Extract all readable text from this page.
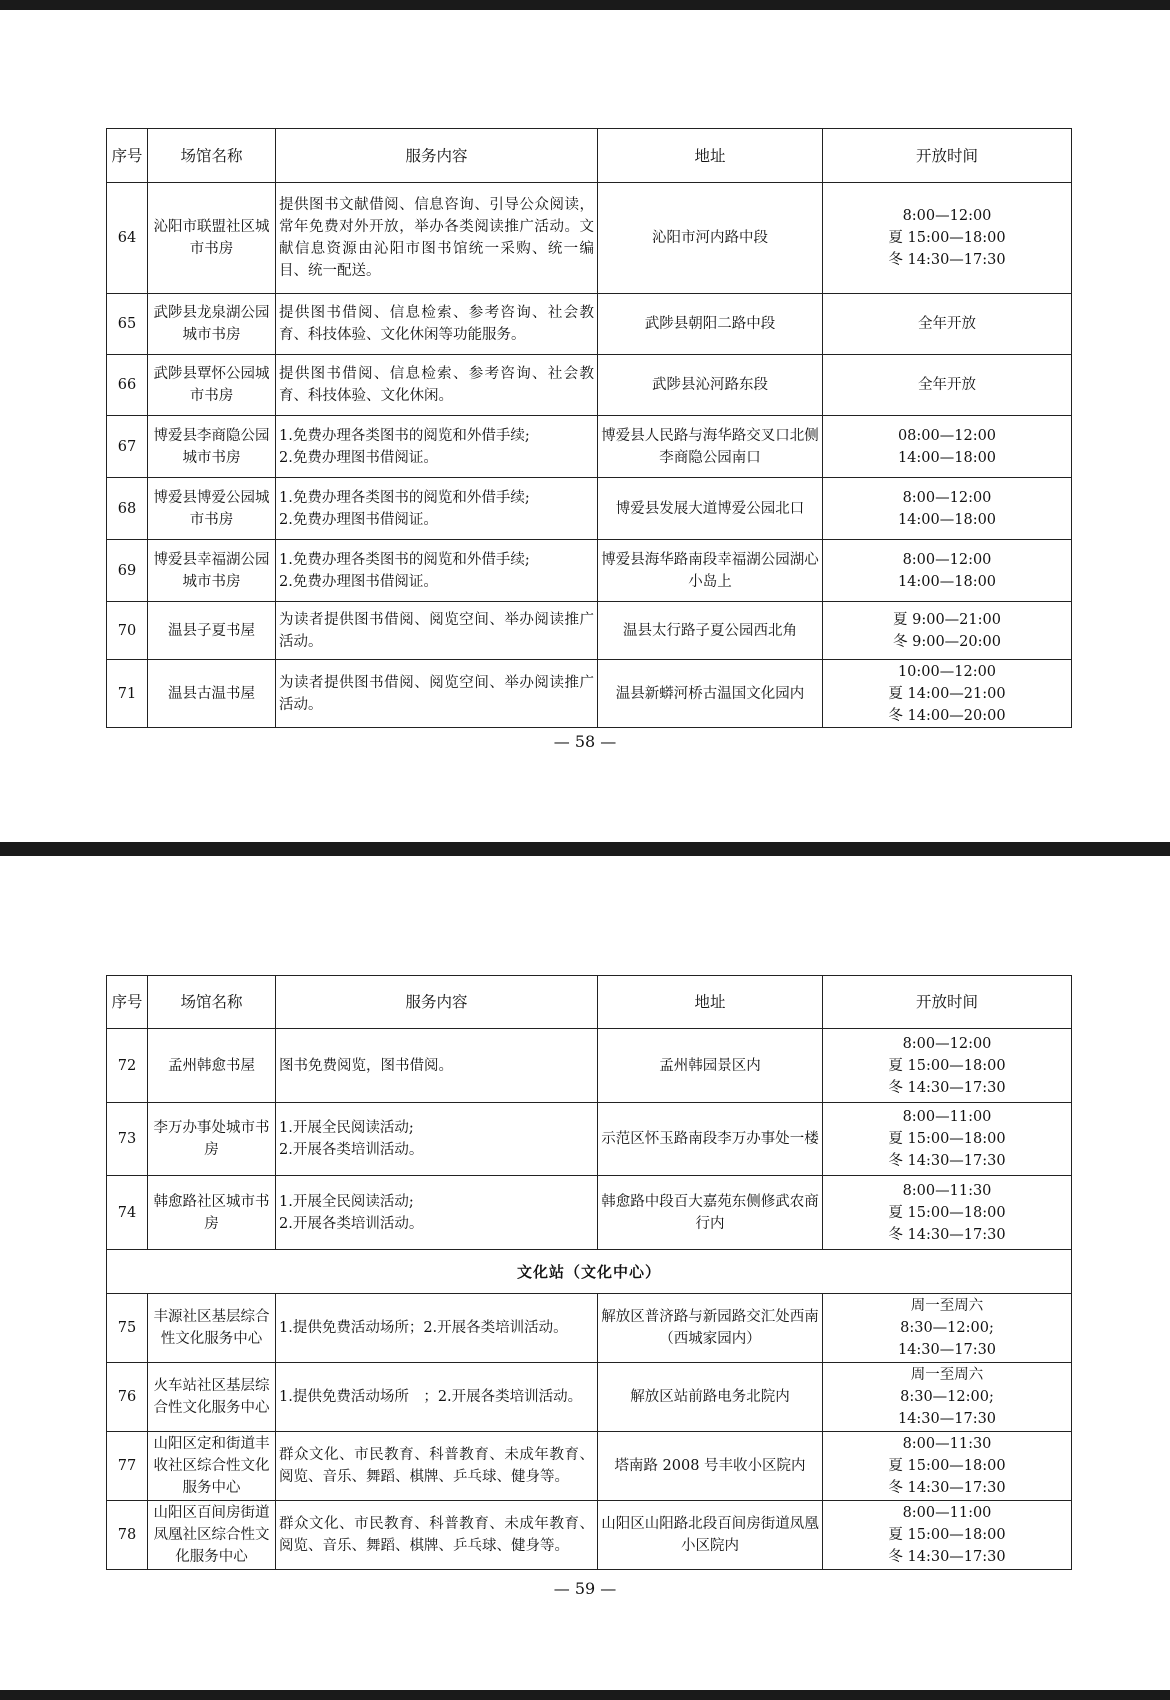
序号	场馆名称	服务内容	地址	开放时间
64	沁阳市联盟社区城市书房	提供图书文献借阅、信息咨询、引导公众阅读，常年免费对外开放，举办各类阅读推广活动。文献信息资源由沁阳市图书馆统一采购、统一编目、统一配送。	沁阳市河内路中段	8:00—12:00
夏 15:00—18:00
冬 14:30—17:30
65	武陟县龙泉湖公园城市书房	提供图书借阅、信息检索、参考咨询、社会教育、科技体验、文化休闲等功能服务。	武陟县朝阳二路中段	全年开放
66	武陟县覃怀公园城市书房	提供图书借阅、信息检索、参考咨询、社会教育、科技体验、文化休闲。	武陟县沁河路东段	全年开放
67	博爱县李商隐公园城市书房	1.免费办理各类图书的阅览和外借手续;
2.免费办理图书借阅证。	博爱县人民路与海华路交叉口北侧李商隐公园南口	08:00—12:00
14:00—18:00
68	博爱县博爱公园城市书房	1.免费办理各类图书的阅览和外借手续;
2.免费办理图书借阅证。	博爱县发展大道博爱公园北口	8:00—12:00
14:00—18:00
69	博爱县幸福湖公园城市书房	1.免费办理各类图书的阅览和外借手续;
2.免费办理图书借阅证。	博爱县海华路南段幸福湖公园湖心小岛上	8:00—12:00
14:00—18:00
70	温县子夏书屋	为读者提供图书借阅、阅览空间、举办阅读推广活动。	温县太行路子夏公园西北角	夏 9:00—21:00
冬 9:00—20:00
71	温县古温书屋	为读者提供图书借阅、阅览空间、举办阅读推广活动。	温县新蟒河桥古温国文化园内	10:00—12:00
夏 14:00—21:00
冬 14:00—20:00
— 58 —
序号	场馆名称	服务内容	地址	开放时间
72	孟州韩愈书屋	图书免费阅览，图书借阅。	孟州韩园景区内	8:00—12:00
夏 15:00—18:00
冬 14:30—17:30
73	李万办事处城市书房	1.开展全民阅读活动;
2.开展各类培训活动。	示范区怀玉路南段李万办事处一楼	8:00—11:00
夏 15:00—18:00
冬 14:30—17:30
74	韩愈路社区城市书房	1.开展全民阅读活动;
2.开展各类培训活动。	韩愈路中段百大嘉苑东侧修武农商行内	8:00—11:30
夏 15:00—18:00
冬 14:30—17:30
文化站（文化中心）				
75	丰源社区基层综合性文化服务中心	1.提供免费活动场所；2.开展各类培训活动。	解放区普济路与新园路交汇处西南（西城家园内）	周一至周六
8:30—12:00;
14:30—17:30
76	火车站社区基层综合性文化服务中心	1.提供免费活动场所　；2.开展各类培训活动。	解放区站前路电务北院内	周一至周六
8:30—12:00;
14:30—17:30
77	山阳区定和街道丰收社区综合性文化服务中心	群众文化、市民教育、科普教育、未成年教育、阅览、音乐、舞蹈、棋牌、乒乓球、健身等。	塔南路 2008 号丰收小区院内	8:00—11:30
夏 15:00—18:00
冬 14:30—17:30
78	山阳区百间房街道凤凰社区综合性文化服务中心	群众文化、市民教育、科普教育、未成年教育、阅览、音乐、舞蹈、棋牌、乒乓球、健身等。	山阳区山阳路北段百间房街道凤凰小区院内	8:00—11:00
夏 15:00—18:00
冬 14:30—17:30
— 59 —
